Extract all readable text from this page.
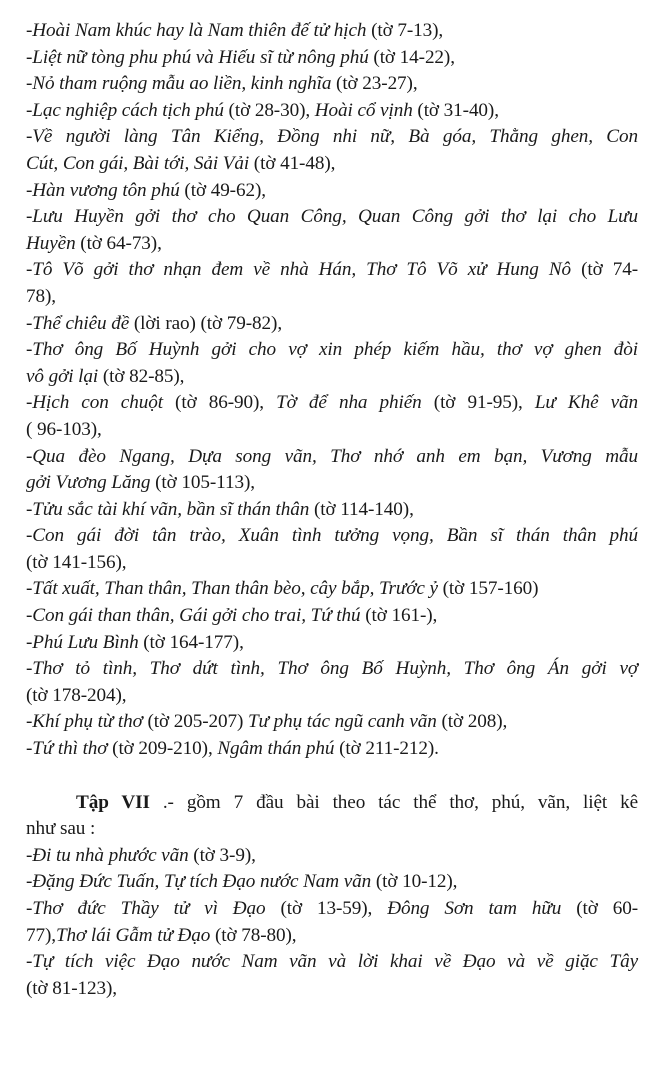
-Hoài Nam khúc hay là Nam thiên đế tử hịch (tờ 7-13),
-Liệt nữ tòng phu phú và Hiếu sĩ từ nông phú (tờ 14-22),
-Nỏ tham ruộng mẫu ao liền, kinh nghĩa (tờ 23-27),
-Lạc nghiệp cách tịch phú (tờ 28-30), Hoài cổ vịnh (tờ 31-40),
-Về người làng Tân Kiểng, Đồng nhi nữ, Bà góa, Thằng ghen, Con
Cút, Con gái, Bài tới, Sải Vải (tờ 41-48),
-Hàn vương tôn phú (tờ 49-62),
-Lưu Huyền gởi thơ cho Quan Công, Quan Công gởi thơ lại cho Lưu
Huyền (tờ 64-73),
-Tô Võ gởi thơ nhạn đem về nhà Hán, Thơ Tô Võ xử Hung Nô (tờ 74-
78),
-Thể chiêu đề (lời rao) (tờ 79-82),
-Thơ ông Bố Huỳnh gởi cho vợ xin phép kiếm hầu, thơ vợ ghen đòi
vô gởi lại (tờ 82-85),
-Hịch con chuột (tờ 86-90), Tờ để nha phiến (tờ 91-95), Lư Khê vãn
( 96-103),
-Qua đèo Ngang, Dựa song vãn, Thơ nhớ anh em bạn, Vương mẫu
gởi Vương Lăng (tờ 105-113),
-Tửu sắc tài khí vãn, bần sĩ thán thân (tờ 114-140),
-Con gái đời tân trào, Xuân tình tưởng vọng, Bần sĩ thán thân phú
(tờ 141-156),
-Tất xuất, Than thân, Than thân bèo, cây bắp, Trước ỷ (tờ 157-160)
-Con gái than thân, Gái gởi cho trai, Tứ thú (tờ 161-),
-Phú Lưu Bình (tờ 164-177),
-Thơ tỏ tình, Thơ dứt tình, Thơ ông Bố Huỳnh, Thơ ông Án gởi vợ
(tờ 178-204),
-Khí phụ từ thơ (tờ 205-207) Tư phụ tác ngũ canh vãn (tờ 208),
-Tứ thì thơ (tờ 209-210), Ngâm thán phú (tờ 211-212).
Tập VII .- gồm 7 đầu bài theo tác thể thơ, phú, vãn, liệt kê
như sau :
-Đi tu nhà phước vãn (tờ 3-9),
-Đặng Đức Tuấn, Tự tích Đạo nước Nam vãn (tờ 10-12),
-Thơ đức Thầy tử vì Đạo (tờ 13-59), Đông Sơn tam hữu (tờ 60-
77),Thơ lái Gẫm tử Đạo (tờ 78-80),
-Tự tích việc Đạo nước Nam vãn và lời khai về Đạo và về giặc Tây
(tờ 81-123),
